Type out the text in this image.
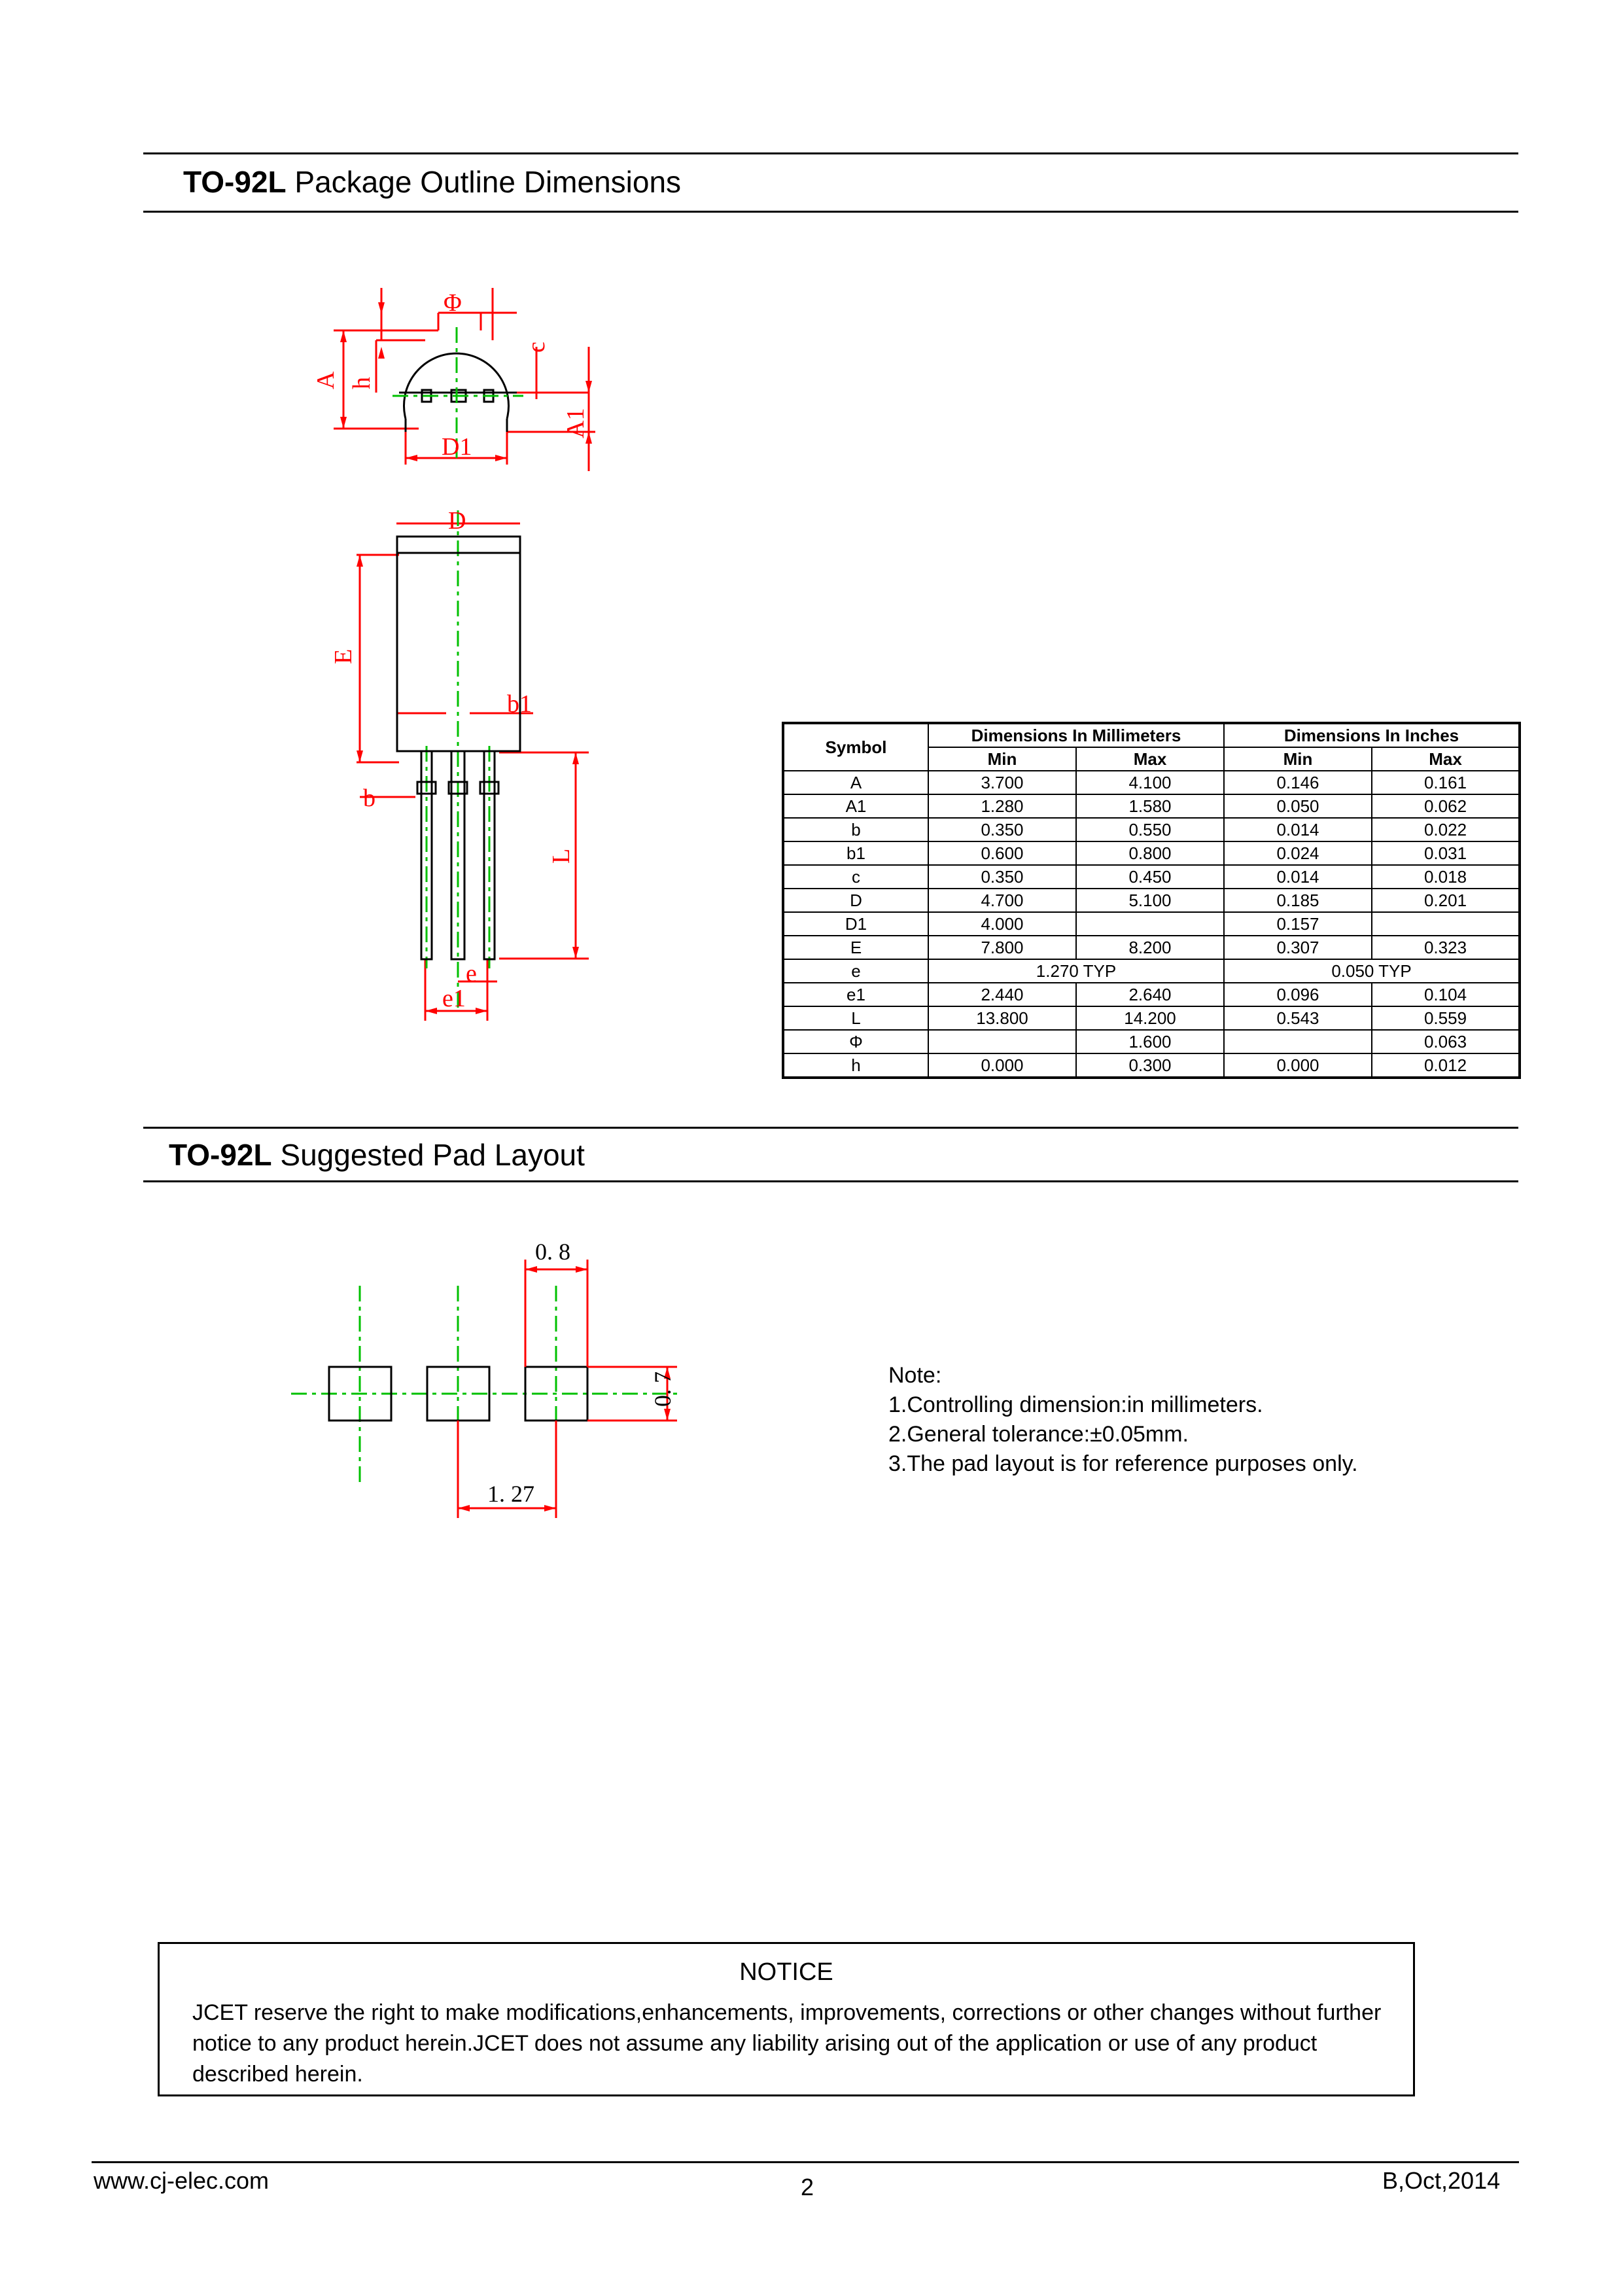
TO-92L Package Outline Dimensions
Φ
c
A h
A1
D1
D
E
b1
b
L
e
e1
Symbol	Dimensions In Millimeters		Dimensions In Inches	
	Min	Max	Min	Max
A	3.700	4.100	0.146	0.161
A1	1.280	1.580	0.050	0.062
b	0.350	0.550	0.014	0.022
b1	0.600	0.800	0.024	0.031
c	0.350	0.450	0.014	0.018
D	4.700	5.100	0.185	0.201
D1	4.000		0.157	
E	7.800	8.200	0.307	0.323
e	1.270 TYP		0.050 TYP	
e1	2.440	2.640	0.096	0.104
L	13.800	14.200	0.543	0.559
Φ		1.600		0.063
h	0.000	0.300	0.000	0.012
TO-92L Suggested Pad Layout
0. 8
0. 7
1. 27
Note:
1.Controlling dimension:in millimeters.
2.General tolerance:±0.05mm.
3.The pad layout is for reference purposes only.
NOTICE
JCET reserve the right to make modifications,enhancements, improvements, corrections or other changes without further notice to any product herein.JCET does not assume any liability arising out of the application or use of any product described herein.
www.cj-elec.com	2	B,Oct,2014
